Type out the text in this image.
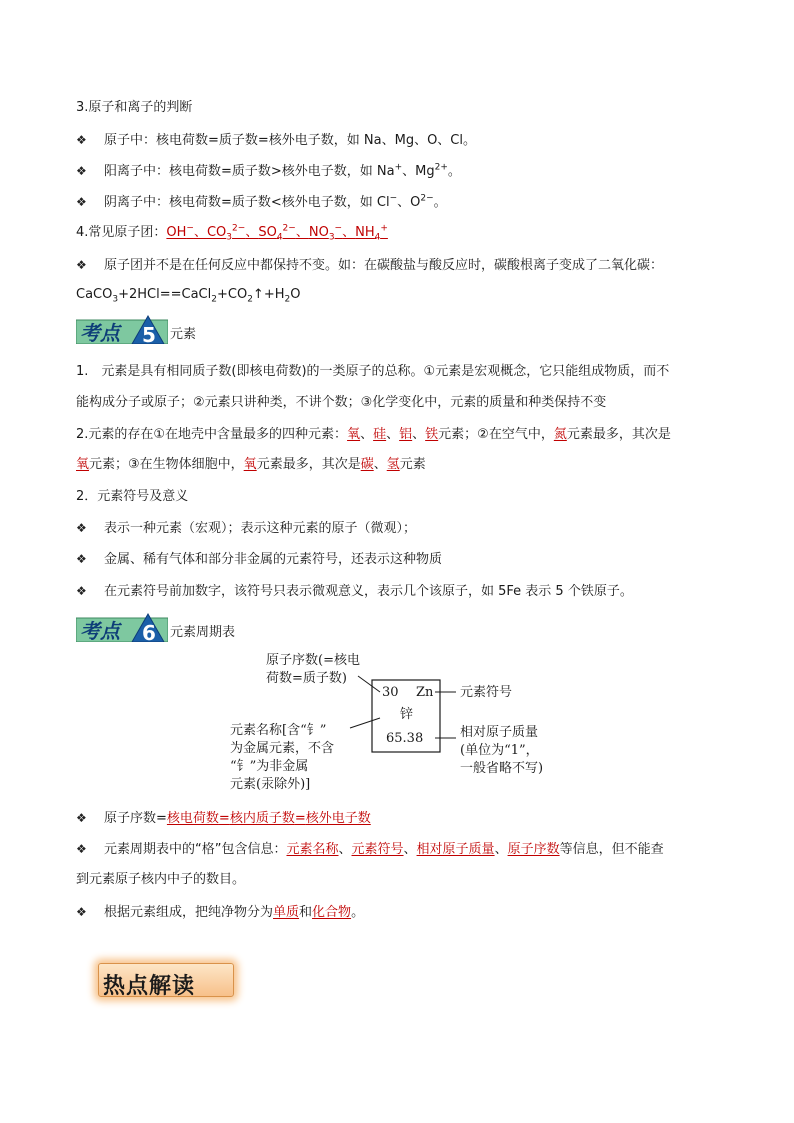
3.原子和离子的判断
❖ 原子中：核电荷数=质子数=核外电子数，如 Na、Mg、O、Cl。
❖ 阳离子中：核电荷数=质子数>核外电子数，如 Na+、$Mg^{2+}$。
❖ 阴离子中：核电荷数=质子数<核外电子数，如 Cl−、$O^{2-}$。
4.常见原子团：OH−、$CO_3^{2-}$、$SO_4^{2-}$、$NO_3^-$、$NH_4^+$
❖ 原子团并不是在任何反应中都保持不变。如：在碳酸盐与酸反应时，碳酸根离子变成了二氧化碳：
$CaCO_3+2HCl==CaCl_2+CO_2↑+H_2O$
考点 5 元素
1.　元素是具有相同质子数(即核电荷数)的一类原子的总称。①元素是宏观概念，它只能组成物质，而不
能构成分子或原子；②元素只讲种类，不讲个数；③化学变化中，元素的质量和种类保持不变
2.元素的存在①在地壳中含量最多的四种元素：氧、硅、铝、铁元素；②在空气中，氮元素最多，其次是
氧元素；③在生物体细胞中，氧元素最多，其次是碳、氢元素
2．元素符号及意义
❖ 表示一种元素（宏观）；表示这种元素的原子（微观）；
❖ 金属、稀有气体和部分非金属的元素符号，还表示这种物质
❖ 在元素符号前加数字，该符号只表示微观意义，表示几个该原子，如 5Fe 表示 5 个铁原子。
考点 6 元素周期表
原子序数(=核电
荷数=质子数)
30 Zn
锌
65.38
元素符号
元素名称[含“钅”
为金属元素，不含
“钅”为非金属
元素(汞除外)]
相对原子质量
(单位为“1”，
一般省略不写)
❖ 原子序数=核电荷数=核内质子数=核外电子数
❖ 元素周期表中的“格”包含信息：元素名称、元素符号、相对原子质量、原子序数等信息，但不能查
到元素原子核内中子的数目。
❖ 根据元素组成，把纯净物分为单质和化合物。
热点解读
